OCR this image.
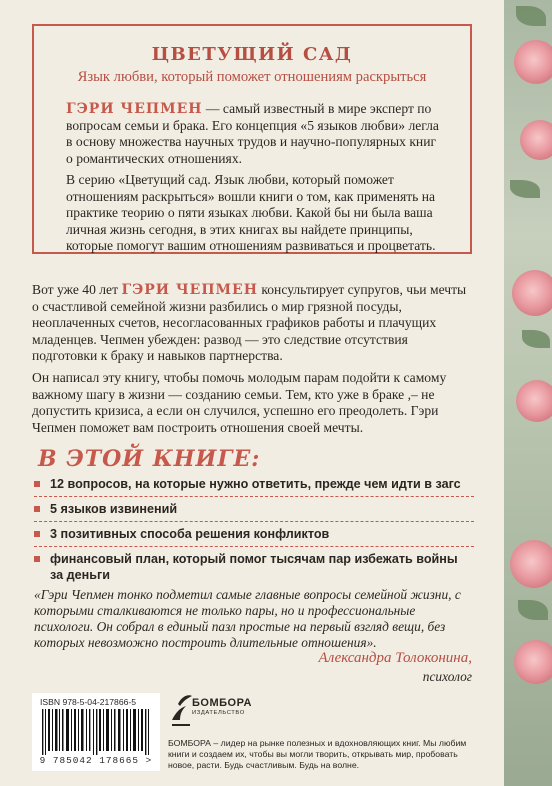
ЦВЕТУЩИЙ САД
Язык любви, который поможет отношениям раскрыться

ГЭРИ ЧЕПМЕН — самый известный в мире эксперт по вопросам семьи и брака. Его концепция «5 языков любви» легла в основу множества научных трудов и научно-популярных книг о романтических отношениях.

В серию «Цветущий сад. Язык любви, который поможет отношениям раскрыться» вошли книги о том, как применять на практике теорию о пяти языках любви. Какой бы ни была ваша личная жизнь сегодня, в этих книгах вы найдете принципы, которые помогут вашим отношениям развиваться и процветать.

Вот уже 40 лет ГЭРИ ЧЕПМЕН консультирует супругов, чьи мечты о счастливой семейной жизни разбились о мир грязной посуды, неоплаченных счетов, несогласованных графиков работы и плачущих младенцев. Чепмен убежден: развод — это следствие отсутствия подготовки к браку и навыков партнерства.

Он написал эту книгу, чтобы помочь молодым парам подойти к самому важному шагу в жизни — созданию семьи. Тем, кто уже в браке ,– не допустить кризиса, а если он случился, успешно его преодолеть. Гэри Чепмен поможет вам построить отношения своей мечты.

В ЭТОЙ КНИГЕ:
12 вопросов, на которые нужно ответить, прежде чем идти в загс
5 языков извинений
3 позитивных способа решения конфликтов
финансовый план, который помог тысячам пар избежать войны за деньги

«Гэри Чепмен тонко подметил самые главные вопросы семейной жизни, с которыми сталкиваются не только пары, но и профессиональные психологи. Он собрал в единый пазл простые на первый взгляд вещи, без которых невозможно построить длительные отношения».

Александра Толоконина,
психолог
ISBN 978-5-04-217866-5
9 785042 178665 >
БОМБОРА
ИЗДАТЕЛЬСТВО

БОМБОРА – лидер на рынке полезных и вдохновляющих книг. Мы любим книги и создаем их, чтобы вы могли творить, открывать мир, пробовать новое, расти. Будь счастливым. Будь на волне.
